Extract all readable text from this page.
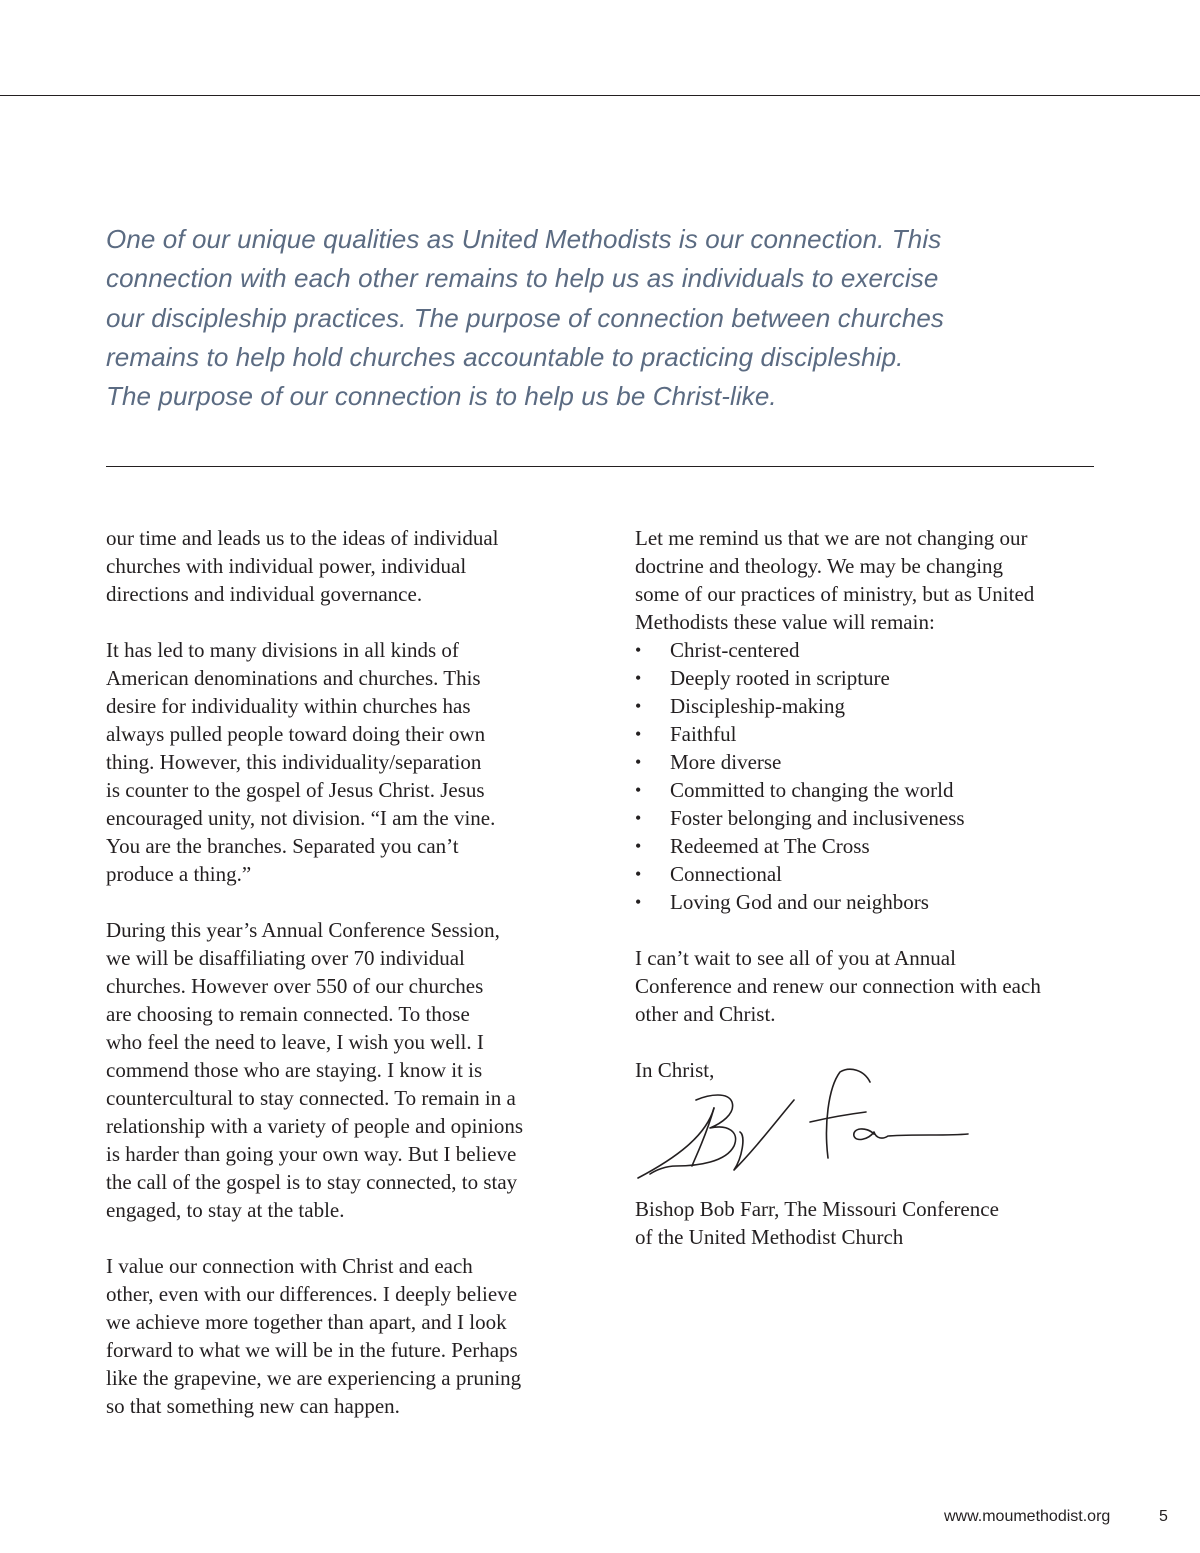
One of our unique qualities as United Methodists is our connection. This
connection with each other remains to help us as individuals to exercise
our discipleship practices. The purpose of connection between churches
remains to help hold churches accountable to practicing discipleship.
The purpose of our connection is to help us be Christ-like.

our time and leads us to the ideas of individual
churches with individual power, individual
directions and individual governance.

It has led to many divisions in all kinds of
American denominations and churches. This
desire for individuality within churches has
always pulled people toward doing their own
thing. However, this individuality/separation
is counter to the gospel of Jesus Christ. Jesus
encouraged unity, not division. “I am the vine.
You are the branches. Separated you can’t
produce a thing.”

During this year’s Annual Conference Session,
we will be disaffiliating over 70 individual
churches. However over 550 of our churches
are choosing to remain connected. To those
who feel the need to leave, I wish you well. I
commend those who are staying. I know it is
countercultural to stay connected. To remain in a
relationship with a variety of people and opinions
is harder than going your own way. But I believe
the call of the gospel is to stay connected, to stay
engaged, to stay at the table.

I value our connection with Christ and each
other, even with our differences. I deeply believe
we achieve more together than apart, and I look
forward to what we will be in the future. Perhaps
like the grapevine, we are experiencing a pruning
so that something new can happen.

Let me remind us that we are not changing our
doctrine and theology. We may be changing
some of our practices of ministry, but as United
Methodists these value will remain:

• Christ-centered
• Deeply rooted in scripture
• Discipleship-making
• Faithful
• More diverse
• Committed to changing the world
• Foster belonging and inclusiveness
• Redeemed at The Cross
• Connectional
• Loving God and our neighbors

I can’t wait to see all of you at Annual
Conference and renew our connection with each
other and Christ.

In Christ,

Bishop Bob Farr, The Missouri Conference
of the United Methodist Church
www.moumethodist.org	5
